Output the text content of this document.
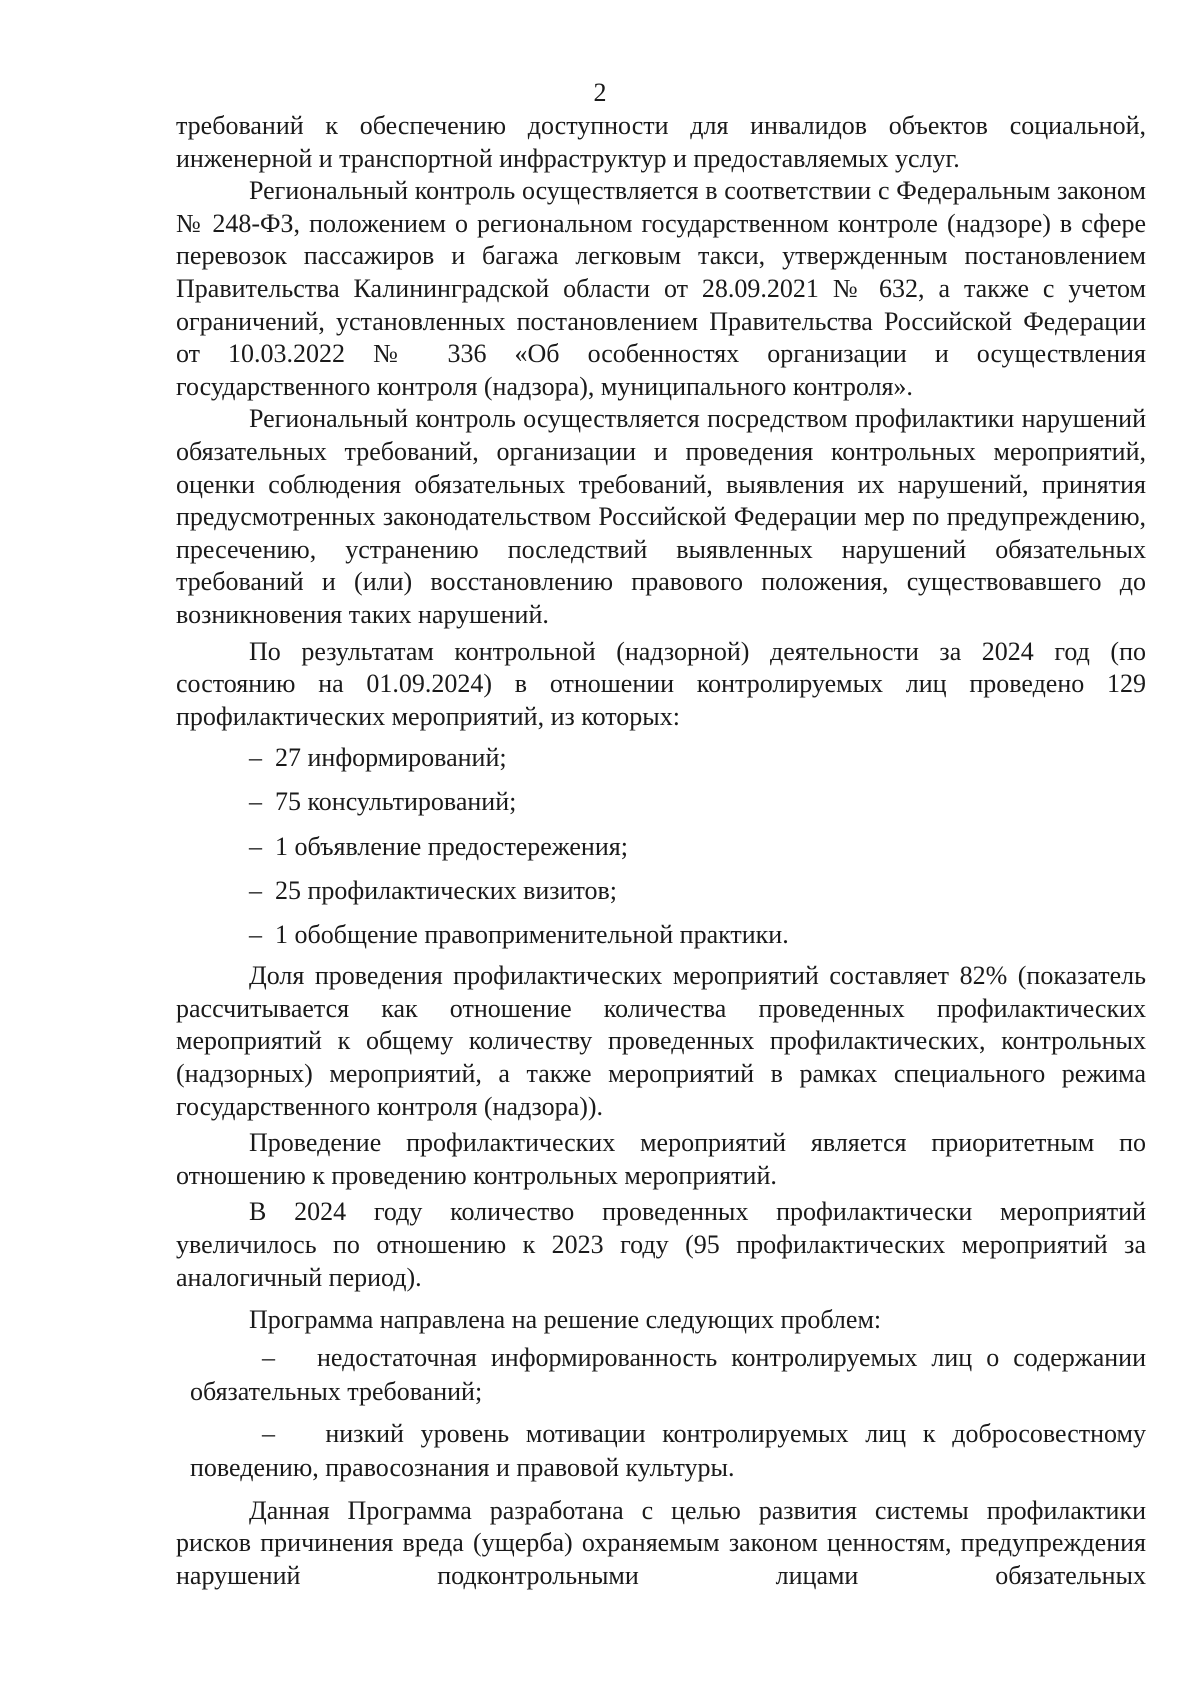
2

требований к обеспечению доступности для инвалидов объектов социальной, инженерной и транспортной инфраструктур и предоставляемых услуг.

Региональный контроль осуществляется в соответствии с Федеральным законом № 248-ФЗ, положением о региональном государственном контроле (надзоре) в сфере перевозок пассажиров и багажа легковым такси, утвержденным постановлением Правительства Калининградской области от 28.09.2021 № 632, а также с учетом ограничений, установленных постановлением Правительства Российской Федерации от 10.03.2022 № 336 «Об особенностях организации и осуществления государственного контроля (надзора), муниципального контроля».

Региональный контроль осуществляется посредством профилактики нарушений обязательных требований, организации и проведения контрольных мероприятий, оценки соблюдения обязательных требований, выявления их нарушений, принятия предусмотренных законодательством Российской Федерации мер по предупреждению, пресечению, устранению последствий выявленных нарушений обязательных требований и (или) восстановлению правового положения, существовавшего до возникновения таких нарушений.

По результатам контрольной (надзорной) деятельности за 2024 год (по состоянию на 01.09.2024) в отношении контролируемых лиц проведено 129 профилактических мероприятий, из которых:

– 27 информирований;
– 75 консультирований;
– 1 объявление предостережения;
– 25 профилактических визитов;
– 1 обобщение правоприменительной практики.

Доля проведения профилактических мероприятий составляет 82% (показатель рассчитывается как отношение количества проведенных профилактических мероприятий к общему количеству проведенных профилактических, контрольных (надзорных) мероприятий, а также мероприятий в рамках специального режима государственного контроля (надзора)).

Проведение профилактических мероприятий является приоритетным по отношению к проведению контрольных мероприятий.

В 2024 году количество проведенных профилактически мероприятий увеличилось по отношению к 2023 году (95 профилактических мероприятий за аналогичный период).

Программа направлена на решение следующих проблем:

– недостаточная информированность контролируемых лиц о содержании обязательных требований;

– низкий уровень мотивации контролируемых лиц к добросовестному поведению, правосознания и правовой культуры.

Данная Программа разработана с целью развития системы профилактики рисков причинения вреда (ущерба) охраняемым законом ценностям, предупреждения нарушений подконтрольными лицами обязательных
